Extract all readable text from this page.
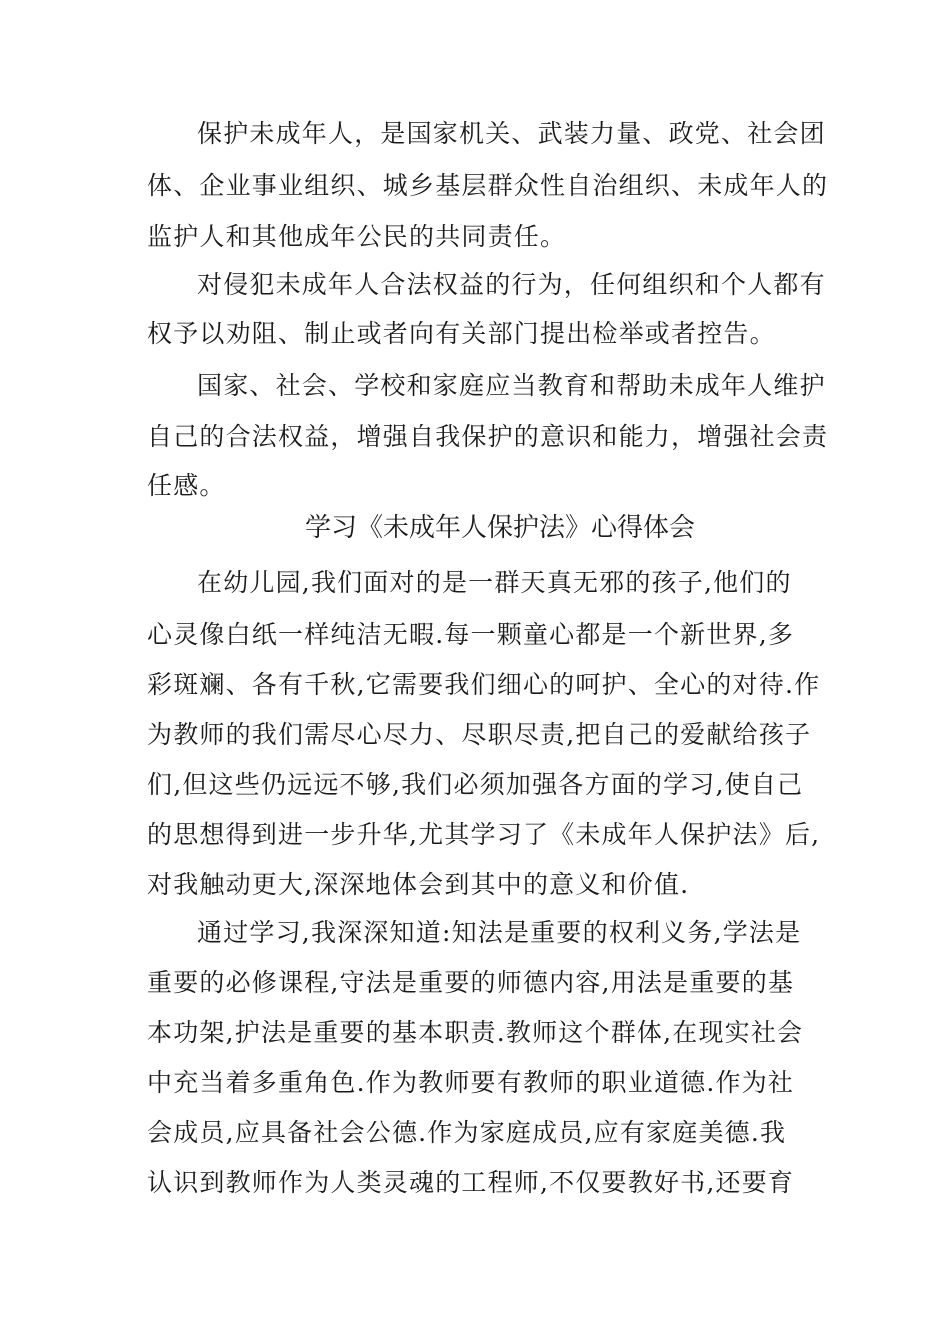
保护未成年人，是国家机关、武装力量、政党、社会团
体、企业事业组织、城乡基层群众性自治组织、未成年人的
监护人和其他成年公民的共同责任。
对侵犯未成年人合法权益的行为，任何组织和个人都有
权予以劝阻、制止或者向有关部门提出检举或者控告。
国家、社会、学校和家庭应当教育和帮助未成年人维护
自己的合法权益，增强自我保护的意识和能力，增强社会责
任感。
学习《未成年人保护法》心得体会
在幼儿园,我们面对的是一群天真无邪的孩子,他们的
心灵像白纸一样纯洁无暇.每一颗童心都是一个新世界,多
彩斑斓、各有千秋,它需要我们细心的呵护、全心的对待.作
为教师的我们需尽心尽力、尽职尽责,把自己的爱献给孩子
们,但这些仍远远不够,我们必须加强各方面的学习,使自己
的思想得到进一步升华,尤其学习了《未成年人保护法》后,
对我触动更大,深深地体会到其中的意义和价值.
通过学习,我深深知道:知法是重要的权利义务,学法是
重要的必修课程,守法是重要的师德内容,用法是重要的基
本功架,护法是重要的基本职责.教师这个群体,在现实社会
中充当着多重角色.作为教师要有教师的职业道德.作为社
会成员,应具备社会公德.作为家庭成员,应有家庭美德.我
认识到教师作为人类灵魂的工程师,不仅要教好书,还要育
